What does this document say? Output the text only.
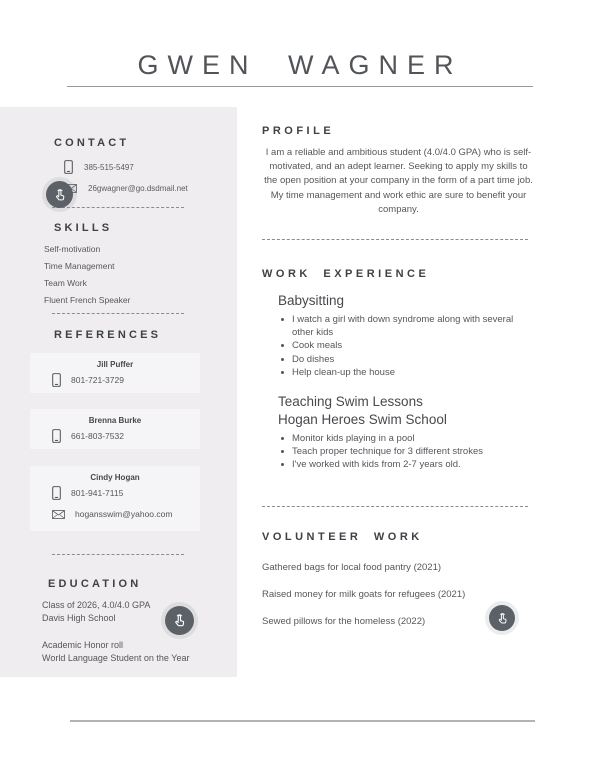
GWEN WAGNER
CONTACT
385-515-5497
26gwagner@go.dsdmail.net
SKILLS
Self-motivation
Time Management
Team Work
Fluent French Speaker
REFERENCES
Jill Puffer
801-721-3729
Brenna Burke
661-803-7532
Cindy Hogan
801-941-7115
hogansswim@yahoo.com
EDUCATION
Class of 2026, 4.0/4.0 GPA
Davis High School
Academic Honor roll
World Language Student on the Year
PROFILE

I am a reliable and ambitious student (4.0/4.0 GPA) who is self-motivated, and an adept learner. Seeking to apply my skills to the open position at your company in the form of a part time job. My time management and work ethic are sure to benefit your company.

WORK EXPERIENCE
Babysitting
I watch a girl with down syndrome along with several other kids
Cook meals
Do dishes
Help clean-up the house
Teaching Swim Lessons
Hogan Heroes Swim School
Monitor kids playing in a pool
Teach proper technique for 3 different strokes
I've worked with kids from 2-7 years old.
VOLUNTEER WORK
Gathered bags for local food pantry (2021)
Raised money for milk goats for refugees (2021)
Sewed pillows for the homeless (2022)
